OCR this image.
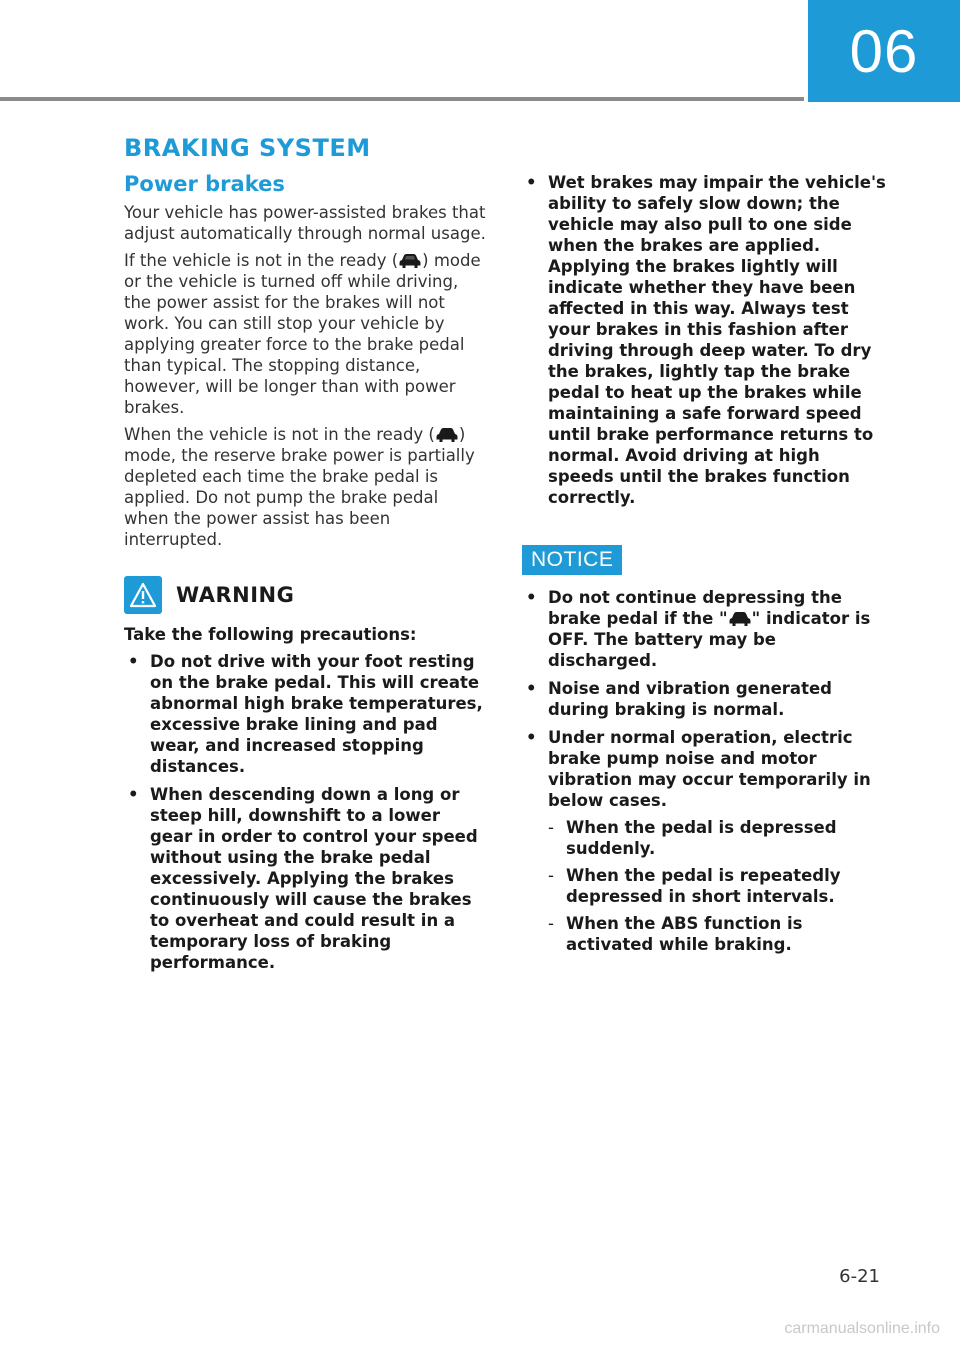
06
BRAKING SYSTEM
Power brakes

Your vehicle has power-assisted brakes that adjust automatically through normal usage.

If the vehicle is not in the ready ( ) mode or the vehicle is turned off while driving, the power assist for the brakes will not work. You can still stop your vehicle by applying greater force to the brake pedal than typical. The stopping distance, however, will be longer than with power brakes.

When the vehicle is not in the ready ( ) mode, the reserve brake power is partially depleted each time the brake pedal is applied. Do not pump the brake pedal when the power assist has been interrupted.

WARNING

Take the following precautions:

• Do not drive with your foot resting on the brake pedal. This will create abnormal high brake temperatures, excessive brake lining and pad wear, and increased stopping distances.
• When descending down a long or steep hill, downshift to a lower gear in order to control your speed without using the brake pedal excessively. Applying the brakes continuously will cause the brakes to overheat and could result in a temporary loss of braking performance.
• Wet brakes may impair the vehicle's ability to safely slow down; the vehicle may also pull to one side when the brakes are applied. Applying the brakes lightly will indicate whether they have been affected in this way. Always test your brakes in this fashion after driving through deep water. To dry the brakes, lightly tap the brake pedal to heat up the brakes while maintaining a safe forward speed until brake performance returns to normal. Avoid driving at high speeds until the brakes function correctly.
NOTICE
• Do not continue depressing the brake pedal if the " " indicator is OFF. The battery may be discharged.
• Noise and vibration generated during braking is normal.
• Under normal operation, electric brake pump noise and motor vibration may occur temporarily in below cases.
- When the pedal is depressed suddenly.
- When the pedal is repeatedly depressed in short intervals.
- When the ABS function is activated while braking.
6-21
carmanualsonline.info
